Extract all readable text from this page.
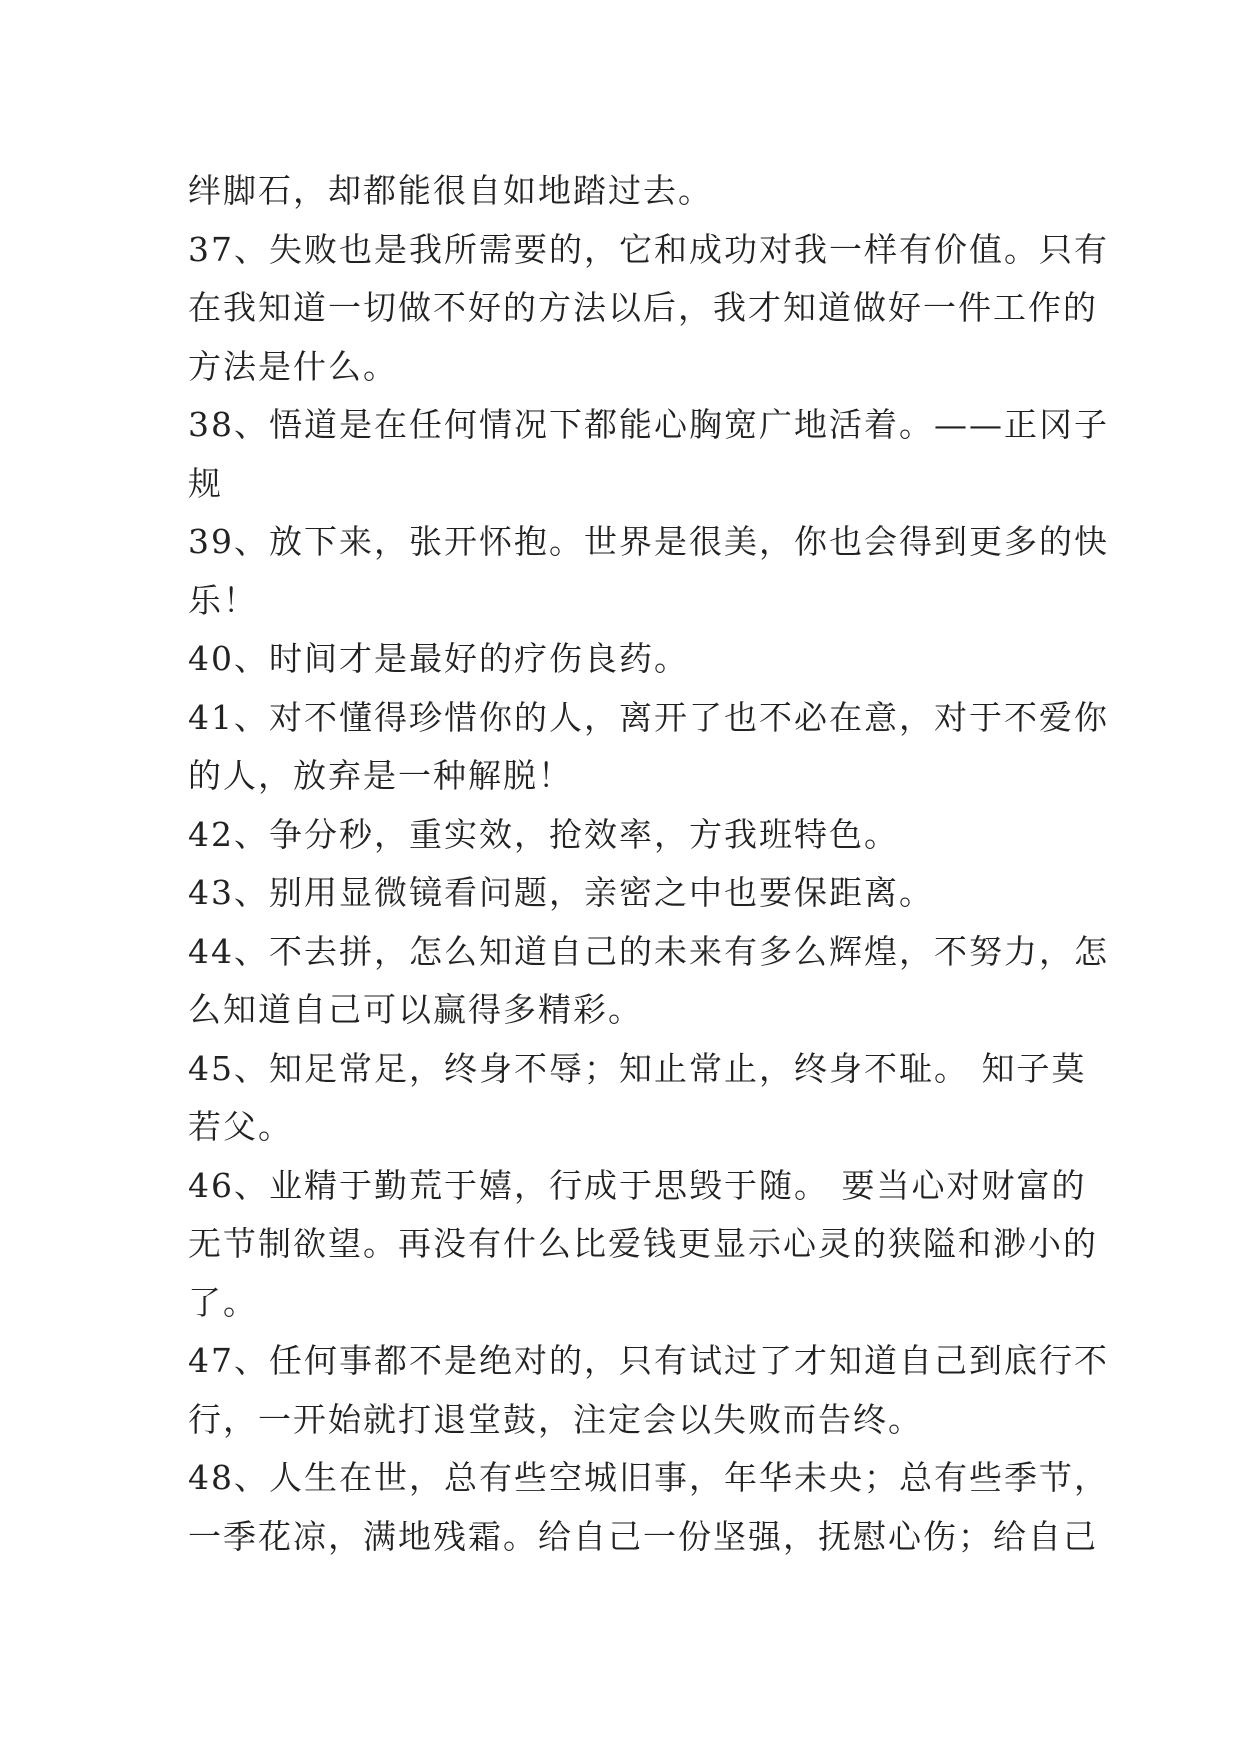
绊脚石，却都能很自如地踏过去。
37、失败也是我所需要的，它和成功对我一样有价值。只有
在我知道一切做不好的方法以后，我才知道做好一件工作的
方法是什么。
38、悟道是在任何情况下都能心胸宽广地活着。——正冈子
规
39、放下来，张开怀抱。世界是很美，你也会得到更多的快
乐！
40、时间才是最好的疗伤良药。
41、对不懂得珍惜你的人，离开了也不必在意，对于不爱你
的人，放弃是一种解脱！
42、争分秒，重实效，抢效率，方我班特色。
43、别用显微镜看问题，亲密之中也要保距离。
44、不去拼，怎么知道自己的未来有多么辉煌，不努力，怎
么知道自己可以赢得多精彩。
45、知足常足，终身不辱；知止常止，终身不耻。 知子莫
若父。
46、业精于勤荒于嬉，行成于思毁于随。 要当心对财富的
无节制欲望。再没有什么比爱钱更显示心灵的狭隘和渺小的
了。
47、任何事都不是绝对的，只有试过了才知道自己到底行不
行，一开始就打退堂鼓，注定会以失败而告终。
48、人生在世，总有些空城旧事，年华未央；总有些季节，
一季花凉，满地残霜。给自己一份坚强，抚慰心伤；给自己
